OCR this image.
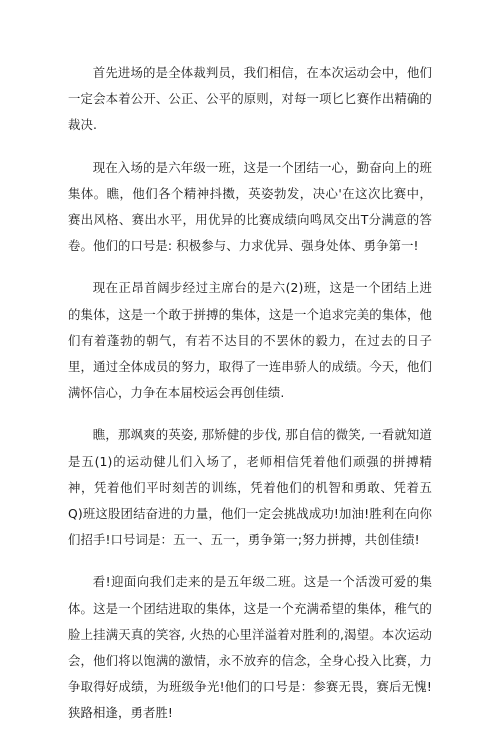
首先进场的是全体裁判员，我们相信，在本次运动会中，他们一定会本着公开、公正、公平的原则，对每一项匕匕赛作出精确的裁决.

现在入场的是六年级一班，这是一个团结一心，勤奋向上的班集体。瞧，他们各个精神抖擞，英姿勃发，决心'在这次比赛中，赛出风格、赛出水平，用优异的比赛成绩向鸣凤交出T分满意的答卷。他们的口号是: 积极参与、力求优异、强身处体、勇争第一!

现在正昂首阔步经过主席台的是六(2)班，这是一个团结上进的集体，这是一个敢于拼搏的集体，这是一个追求完美的集体，他们有着蓬勃的朝气，有若不达目的不罢休的毅力，在过去的日子里，通过全体成员的努力，取得了一连串骄人的成绩。今天，他们满怀信心，力争在本届校运会再创佳绩.

瞧，那飒爽的英姿, 那矫健的步伐, 那自信的微笑, 一看就知道是五(1)的运动健儿们入场了，老师相信凭着他们顽强的拼搏精神，凭着他们平时刻苦的训练，凭着他们的机智和勇敢、凭着五Q)班这股团结奋进的力量，他们一定会挑战成功!加油!胜利在向你们招手!口号词是：五一、五一，勇争第一;努力拼搏，共创佳绩!

看!迎面向我们走来的是五年级二班。这是一个活泼可爱的集体。这是一个团结进取的集体，这是一个充满希望的集体，稚气的脸上挂满天真的笑容, 火热的心里洋溢着对胜利的,渴望。本次运动会，他们将以饱满的激情，永不放弃的信念，全身心投入比赛，力争取得好成绩，为班级争光!他们的口号是：参赛无畏，赛后无愧!狭路相逢，勇者胜!
